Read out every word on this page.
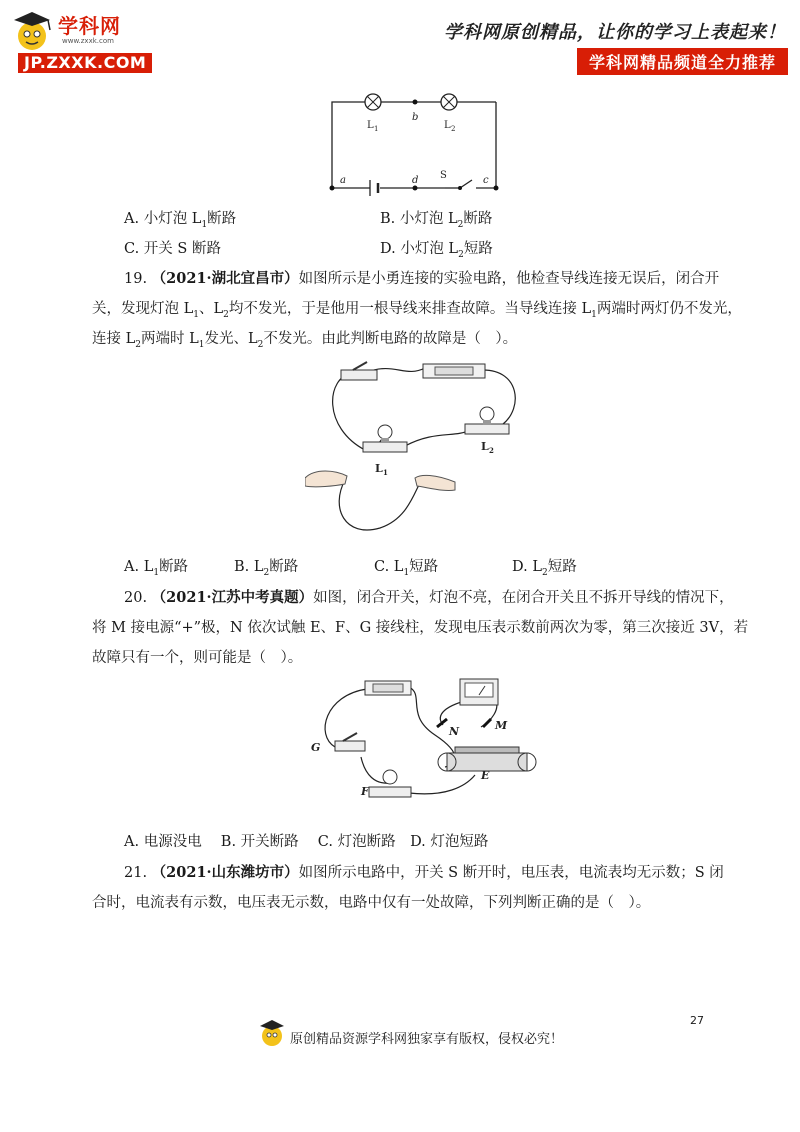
学科网
www.zxxk.com
JP.ZXXK.COM
学科网原创精品，让你的学习上表起来！
学科网精品频道全力推荐
L 1
b
L 2
a	d S	c
A. 小灯泡 $L_1$断路	B. 小灯泡 $L_2$断路
C. 开关 S 断路	D. 小灯泡 $L_2$短路
19. （2021·湖北宜昌市）如图所示是小勇连接的实验电路，他检查导线连接无误后，闭合开
关，发现灯泡 $L_1$、$L_2$均不发光，于是他用一根导线来排查故障。当导线连接 $L_1$两端时两灯仍不发光，
连接 $L_2$两端时 $L_1$发光、$L_2$不发光。由此判断电路的故障是（　）。
L 1
L 2
A. $L_1$断路	B. $L_2$断路	C. $L_1$短路	D. $L_2$短路
20. （2021·江苏中考真题）如图，闭合开关，灯泡不亮，在闭合开关且不拆开导线的情况下，
将 M 接电源“+”极，N 依次试触 E、F、G 接线柱，发现电压表示数前两次为零，第三次接近 3V，若
故障只有一个，则可能是（　）。
G
N	M
E
F
A. 电源没电　 B. 开关断路　 C. 灯泡断路　D. 灯泡短路
21. （2021·山东潍坊市）如图所示电路中，开关 S 断开时，电压表，电流表均无示数；S 闭
合时，电流表有示数，电压表无示数，电路中仅有一处故障，下列判断正确的是（　）。
27
原创精品资源学科网独家享有版权，侵权必究！
